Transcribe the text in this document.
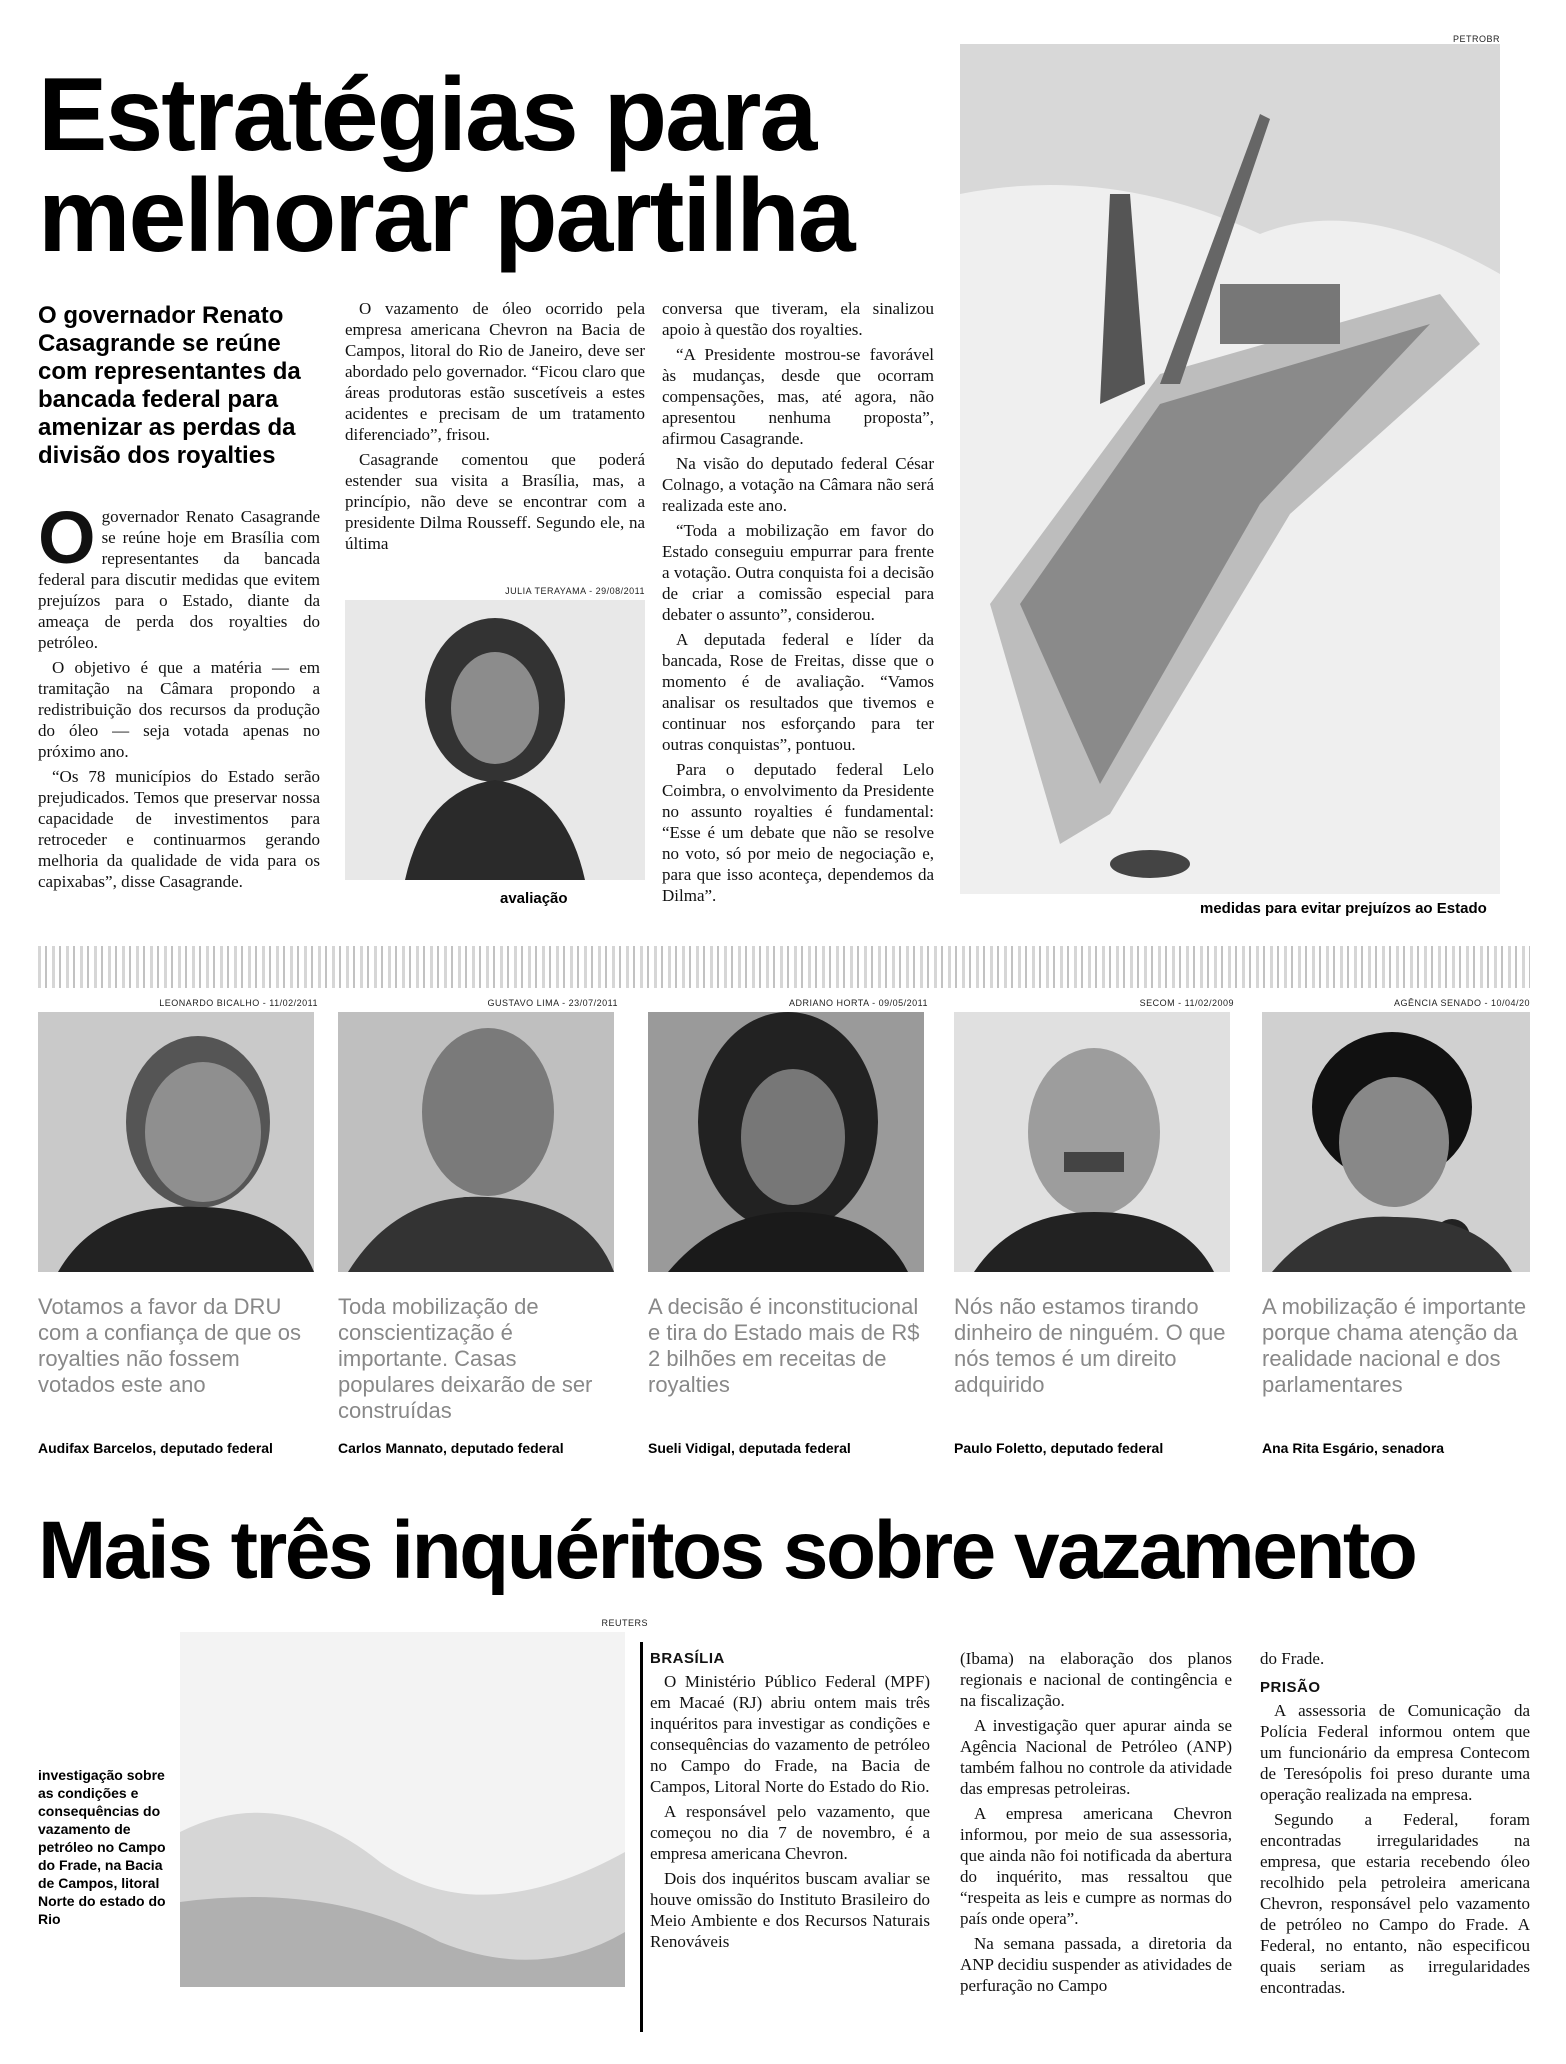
Estratégias para
melhorar partilha
O governador Renato Casagrande se reúne com representantes da bancada federal para amenizar as perdas da divisão dos royalties

Ogovernador Renato Casagrande se reúne hoje em Brasília com representantes da bancada federal para discutir medidas que evitem prejuízos para o Estado, diante da ameaça de perda dos royalties do petróleo.

O objetivo é que a matéria — em tramitação na Câmara propondo a redistribuição dos recursos da produção do óleo — seja votada apenas no próximo ano.

“Os 78 municípios do Estado serão prejudicados. Temos que preservar nossa capacidade de investimentos para retroceder e continuarmos gerando melhoria da qualidade de vida para os capixabas”, disse Casagrande.

O vazamento de óleo ocorrido pela empresa americana Chevron na Bacia de Campos, litoral do Rio de Janeiro, deve ser abordado pelo governador. “Ficou claro que áreas produtoras estão suscetíveis a estes acidentes e precisam de um tratamento diferenciado”, frisou.

Casagrande comentou que poderá estender sua visita a Brasília, mas, a princípio, não deve se encontrar com a presidente Dilma Rousseff. Segundo ele, na última

JULIA TERAYAMA - 29/08/2011
avaliação

conversa que tiveram, ela sinalizou apoio à questão dos royalties.

“A Presidente mostrou-se favorável às mudanças, desde que ocorram compensações, mas, até agora, não apresentou nenhuma proposta”, afirmou Casagrande.

Na visão do deputado federal César Colnago, a votação na Câmara não será realizada este ano.

“Toda a mobilização em favor do Estado conseguiu empurrar para frente a votação. Outra conquista foi a decisão de criar a comissão especial para debater o assunto”, considerou.

A deputada federal e líder da bancada, Rose de Freitas, disse que o momento é de avaliação. “Vamos analisar os resultados que tivemos e continuar nos esforçando para ter outras conquistas”, pontuou.

Para o deputado federal Lelo Coimbra, o envolvimento da Presidente no assunto royalties é fundamental: “Esse é um debate que não se resolve no voto, só por meio de negociação e, para que isso aconteça, dependemos da Dilma”.

PETROBR
medidas para evitar prejuízos ao Estado
LEONARDO BICALHO - 11/02/2011
Votamos a favor da DRU com a confiança de que os royalties não fossem votados este ano
Audifax Barcelos, deputado federal
GUSTAVO LIMA - 23/07/2011
Toda mobilização de conscientização é importante. Casas populares deixarão de ser construídas
Carlos Mannato, deputado federal
ADRIANO HORTA - 09/05/2011
A decisão é inconstitucional e tira do Estado mais de R$ 2 bilhões em receitas de royalties
Sueli Vidigal, deputada federal
SECOM - 11/02/2009
Nós não estamos tirando dinheiro de ninguém. O que nós temos é um direito adquirido
Paulo Foletto, deputado federal
AGÊNCIA SENADO - 10/04/20
A mobilização é importante porque chama atenção da realidade nacional e dos parlamentares
Ana Rita Esgário, senadora
Mais três inquéritos sobre vazamento
REUTERS
investigação sobre as condições e consequências do vazamento de petróleo no Campo do Frade, na Bacia de Campos, litoral Norte do estado do Rio
BRASÍLIA

O Ministério Público Federal (MPF) em Macaé (RJ) abriu ontem mais três inquéritos para investigar as condições e consequências do vazamento de petróleo no Campo do Frade, na Bacia de Campos, Litoral Norte do Estado do Rio.

A responsável pelo vazamento, que começou no dia 7 de novembro, é a empresa americana Chevron.

Dois dos inquéritos buscam avaliar se houve omissão do Instituto Brasileiro do Meio Ambiente e dos Recursos Naturais Renováveis

(Ibama) na elaboração dos planos regionais e nacional de contingência e na fiscalização.

A investigação quer apurar ainda se Agência Nacional de Petróleo (ANP) também falhou no controle da atividade das empresas petroleiras.

A empresa americana Chevron informou, por meio de sua assessoria, que ainda não foi notificada da abertura do inquérito, mas ressaltou que “respeita as leis e cumpre as normas do país onde opera”.

Na semana passada, a diretoria da ANP decidiu suspender as atividades de perfuração no Campo

do Frade.

PRISÃO

A assessoria de Comunicação da Polícia Federal informou ontem que um funcionário da empresa Contecom de Teresópolis foi preso durante uma operação realizada na empresa.

Segundo a Federal, foram encontradas irregularidades na empresa, que estaria recebendo óleo recolhido pela petroleira americana Chevron, responsável pelo vazamento de petróleo no Campo do Frade. A Federal, no entanto, não especificou quais seriam as irregularidades encontradas.
